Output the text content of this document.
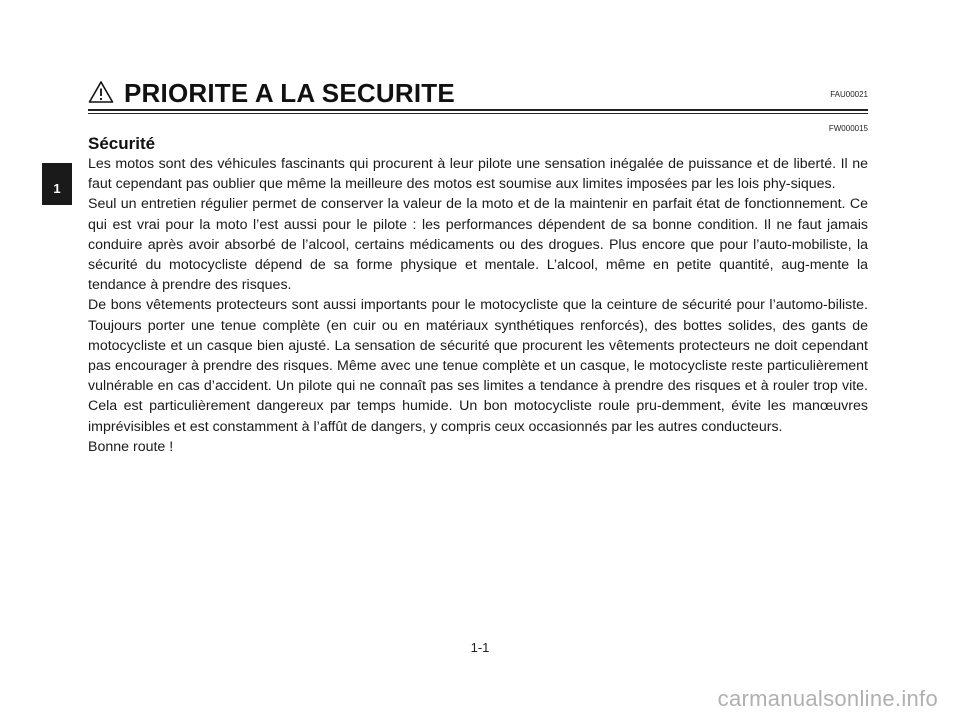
PRIORITE A LA SECURITE	FAU00021
FW000015
Sécurité

Les motos sont des véhicules fascinants qui procurent à leur pilote une sensation inégalée de puissance et de liberté. Il ne faut cependant pas oublier que même la meilleure des motos est soumise aux limites imposées par les lois phy-siques.

Seul un entretien régulier permet de conserver la valeur de la moto et de la maintenir en parfait état de fonctionnement. Ce qui est vrai pour la moto l’est aussi pour le pilote : les performances dépendent de sa bonne condition. Il ne faut jamais conduire après avoir absorbé de l’alcool, certains médicaments ou des drogues. Plus encore que pour l’auto-mobiliste, la sécurité du motocycliste dépend de sa forme physique et mentale. L’alcool, même en petite quantité, aug-mente la tendance à prendre des risques.

De bons vêtements protecteurs sont aussi importants pour le motocycliste que la ceinture de sécurité pour l’automo-biliste. Toujours porter une tenue complète (en cuir ou en matériaux synthétiques renforcés), des bottes solides, des gants de motocycliste et un casque bien ajusté. La sensation de sécurité que procurent les vêtements protecteurs ne doit cependant pas encourager à prendre des risques. Même avec une tenue complète et un casque, le motocycliste reste particulièrement vulnérable en cas d’accident. Un pilote qui ne connaît pas ses limites a tendance à prendre des risques et à rouler trop vite. Cela est particulièrement dangereux par temps humide. Un bon motocycliste roule pru-demment, évite les manœuvres imprévisibles et est constamment à l’affût de dangers, y compris ceux occasionnés par les autres conducteurs.

Bonne route !

1
1-1
carmanualsonline.info
